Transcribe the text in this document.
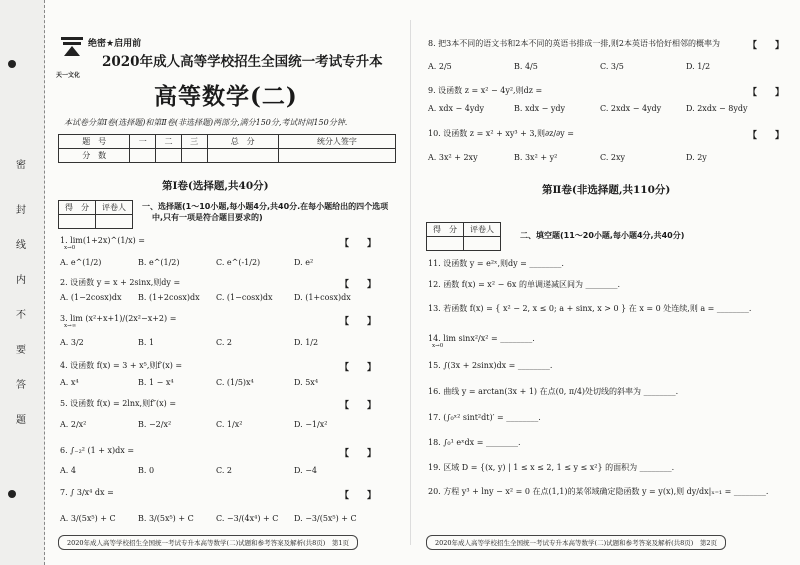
密
封
线
内
不
要
答
题
天一文化
绝密★启用前
2020年成人高等学校招生全国统一考试专升本
高等数学(二)
本试卷分第Ⅰ卷(选择题)和第Ⅱ卷(非选择题)两部分,满分150分,考试时间150分钟.
题　号	一	二	三	总　分	统分人签字
分　数					
第Ⅰ卷(选择题,共40分)
得　分	评卷人
	一、选择题(1～10小题,每小题4分,共40分.在每小题给出的四个选项
中,只有一项是符合题目要求的)
1. lim(1+2x)^(1/x) =
x→0	【　　】
A. e^(1/2)	B. e^(1/2)	C. e^(-1/2)	D. e²
2. 设函数 y = x + 2sinx,则dy =	【　　】
A. (1−2cosx)dx B. (1+2cosx)dx C. (1−cosx)dx	D. (1+cosx)dx
3. lim (x²+x+1)/(2x²−x+2) =
x→∞	【　　】
A. 3/2	B. 1	C. 2	D. 1/2
4. 设函数 f(x) = 3 + x⁵,则f′(x) =	【　　】
A. x⁴	B. 1 − x⁴	C. (1/5)x⁴	D. 5x⁴
5. 设函数 f(x) = 2lnx,则f″(x) =	【　　】
A. 2/x²	B. −2/x²	C. 1/x²	D. −1/x²
6. ∫₋₂² (1 + x)dx =	【　　】
A. 4	B. 0	C. 2	D. −4
7. ∫ 3/x⁴ dx =	【　　】
A. 3/(5x⁵) + C	B. 3/(5x⁵) + C	C. −3/(4x⁴) + C D. −3/(5x⁵) + C
2020年成人高等学校招生全国统一考试专升本高等数学(二)试题和参考答案及解析(共8页)　第1页
8. 把3本不同的语文书和2本不同的英语书排成一排,则2本英语书恰好相邻的概率为	【　　】
A. 2/5	B. 4/5	C. 3/5	D. 1/2
9. 设函数 z = x² − 4y²,则dz =	【　　】
A. xdx − 4ydy	B. xdx − ydy	C. 2xdx − 4ydy	D. 2xdx − 8ydy
10. 设函数 z = x² + xy³ + 3,则∂z/∂y =	【　　】
A. 3x² + 2xy	B. 3x² + y²	C. 2xy	D. 2y
第Ⅱ卷(非选择题,共110分)
得　分	评卷人

二、填空题(11～20小题,每小题4分,共40分)
11. 设函数 y = e²ˣ,则dy = ________.
12. 函数 f(x) = x² − 6x 的单调递减区间为 ________.
13. 若函数 f(x) = { x² − 2, x ≤ 0; a + sinx, x > 0 } 在 x = 0 处连续,则 a = ________.
14. lim sinx²/x² = ________.
x→0
15. ∫(3x + 2sinx)dx = ________.
16. 曲线 y = arctan(3x + 1) 在点(0, π/4)处切线的斜率为 ________.
17. (∫₀ˣ² sint²dt)′ = ________.
18. ∫₀¹ eˣdx = ________.
19. 区域 D = {(x, y) | 1 ≤ x ≤ 2, 1 ≤ y ≤ x²} 的面积为 ________.
20. 方程 y³ + lny − x² = 0 在点(1,1)的某邻域确定隐函数 y = y(x),则 dy/dx|ₓ₌₁ = ________.
2020年成人高等学校招生全国统一考试专升本高等数学(二)试题和参考答案及解析(共8页)　第2页
